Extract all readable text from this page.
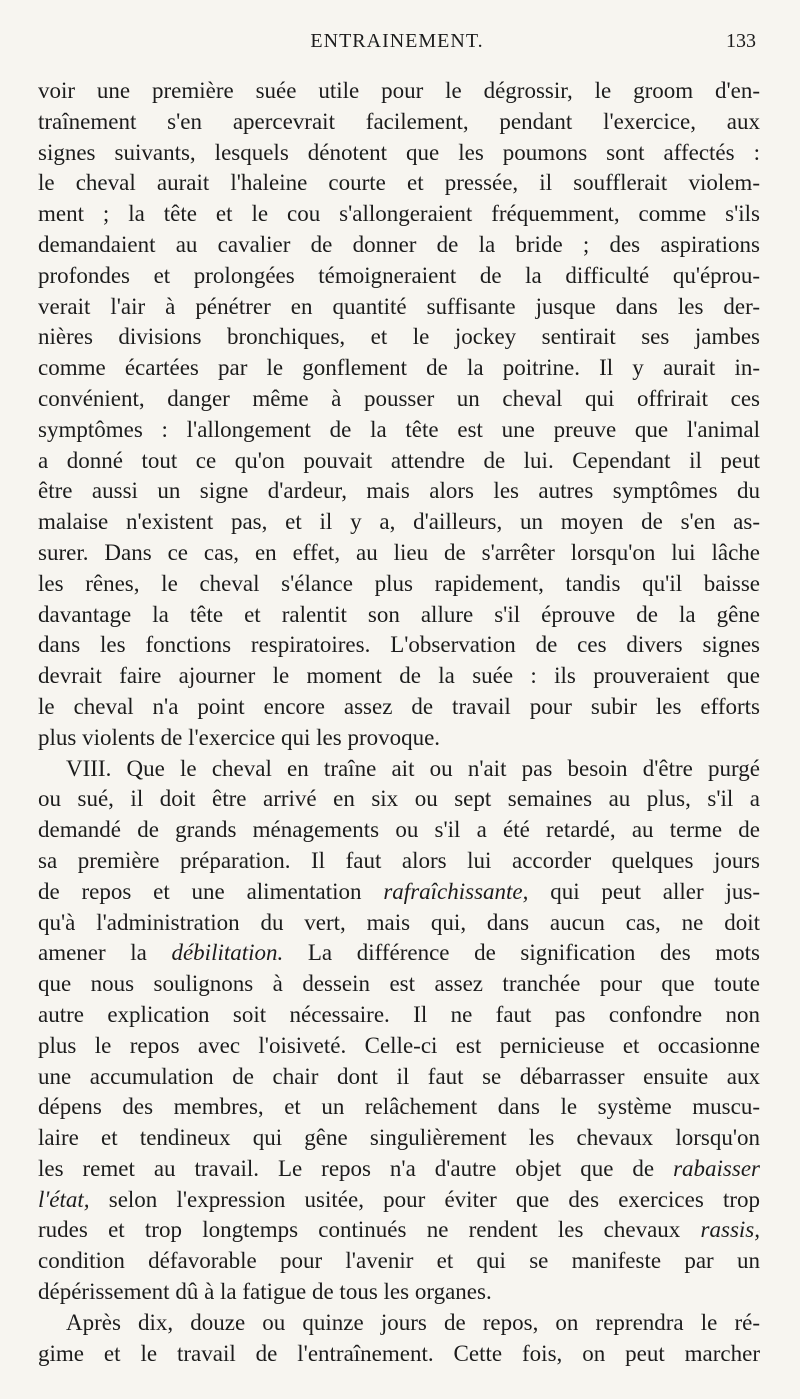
ENTRAINEMENT.	133
voir une première suée utile pour le dégrossir, le groom d'en-
traînement s'en apercevrait facilement, pendant l'exercice, aux
signes suivants, lesquels dénotent que les poumons sont affectés :
le cheval aurait l'haleine courte et pressée, il soufflerait violem-
ment ; la tête et le cou s'allongeraient fréquemment, comme s'ils
demandaient au cavalier de donner de la bride ; des aspirations
profondes et prolongées témoigneraient de la difficulté qu'éprou-
verait l'air à pénétrer en quantité suffisante jusque dans les der-
nières divisions bronchiques, et le jockey sentirait ses jambes
comme écartées par le gonflement de la poitrine. Il y aurait in-
convénient, danger même à pousser un cheval qui offrirait ces
symptômes : l'allongement de la tête est une preuve que l'animal
a donné tout ce qu'on pouvait attendre de lui. Cependant il peut
être aussi un signe d'ardeur, mais alors les autres symptômes du
malaise n'existent pas, et il y a, d'ailleurs, un moyen de s'en as-
surer. Dans ce cas, en effet, au lieu de s'arrêter lorsqu'on lui lâche
les rênes, le cheval s'élance plus rapidement, tandis qu'il baisse
davantage la tête et ralentit son allure s'il éprouve de la gêne
dans les fonctions respiratoires. L'observation de ces divers signes
devrait faire ajourner le moment de la suée : ils prouveraient que
le cheval n'a point encore assez de travail pour subir les efforts
plus violents de l'exercice qui les provoque.
VIII. Que le cheval en traîne ait ou n'ait pas besoin d'être purgé
ou sué, il doit être arrivé en six ou sept semaines au plus, s'il a
demandé de grands ménagements ou s'il a été retardé, au terme de
sa première préparation. Il faut alors lui accorder quelques jours
de repos et une alimentation rafraîchissante, qui peut aller jus-
qu'à l'administration du vert, mais qui, dans aucun cas, ne doit
amener la débilitation. La différence de signification des mots
que nous soulignons à dessein est assez tranchée pour que toute
autre explication soit nécessaire. Il ne faut pas confondre non
plus le repos avec l'oisiveté. Celle-ci est pernicieuse et occasionne
une accumulation de chair dont il faut se débarrasser ensuite aux
dépens des membres, et un relâchement dans le système muscu-
laire et tendineux qui gêne singulièrement les chevaux lorsqu'on
les remet au travail. Le repos n'a d'autre objet que de rabaisser
l'état, selon l'expression usitée, pour éviter que des exercices trop
rudes et trop longtemps continués ne rendent les chevaux rassis,
condition défavorable pour l'avenir et qui se manifeste par un
dépérissement dû à la fatigue de tous les organes.
Après dix, douze ou quinze jours de repos, on reprendra le ré-
gime et le travail de l'entraînement. Cette fois, on peut marcher
